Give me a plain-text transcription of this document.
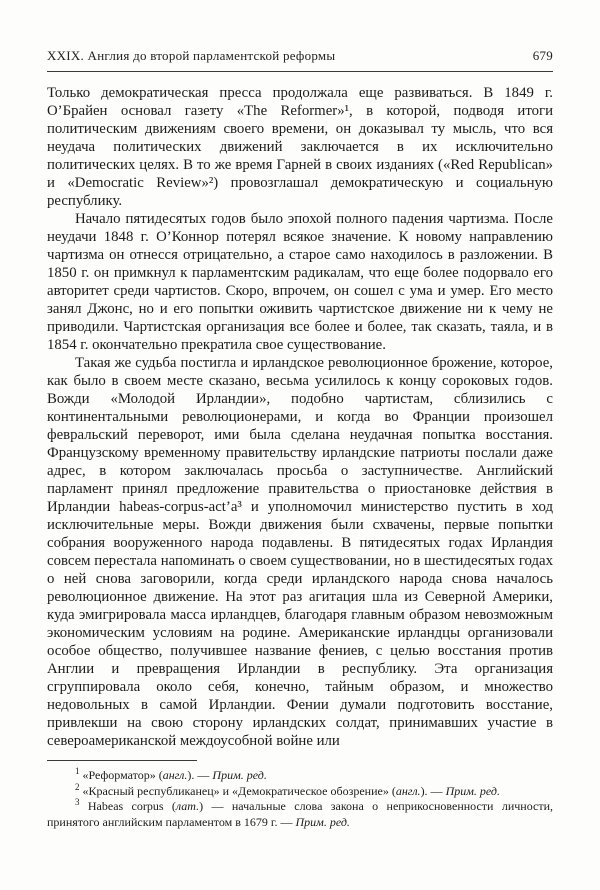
XXIX. Англия до второй парламентской реформы	679

Только демократическая пресса продолжала еще развиваться. В 1849 г. О’Брайен основал газету «The Reformer»¹, в которой, подводя итоги политическим движениям своего времени, он доказывал ту мысль, что вся неудача политических движений заключается в их исключительно политических целях. В то же время Гарней в своих изданиях («Red Republican» и «Democratic Review»²) провозглашал демократическую и социальную республику.

Начало пятидесятых годов было эпохой полного падения чартизма. После неудачи 1848 г. О’Коннор потерял всякое значение. К новому направлению чартизма он отнесся отрицательно, а старое само находилось в разложении. В 1850 г. он примкнул к парламентским радикалам, что еще более подорвало его авторитет среди чартистов. Скоро, впрочем, он сошел с ума и умер. Его место занял Джонс, но и его попытки оживить чартистское движение ни к чему не приводили. Чартистская организация все более и более, так сказать, таяла, и в 1854 г. окончательно прекратила свое существование.

Такая же судьба постигла и ирландское революционное брожение, которое, как было в своем месте сказано, весьма усилилось к концу сороковых годов. Вожди «Молодой Ирландии», подобно чартистам, сблизились с континентальными революционерами, и когда во Франции произошел февральский переворот, ими была сделана неудачная попытка восстания. Французскому временному правительству ирландские патриоты послали даже адрес, в котором заключалась просьба о заступничестве. Английский парламент принял предложение правительства о приостановке действия в Ирландии habeas-corpus-act’а³ и уполномочил министерство пустить в ход исключительные меры. Вожди движения были схвачены, первые попытки собрания вооруженного народа подавлены. В пятидесятых годах Ирландия совсем перестала напоминать о своем существовании, но в шестидесятых годах о ней снова заговорили, когда среди ирландского народа снова началось революционное движение. На этот раз агитация шла из Северной Америки, куда эмигрировала масса ирландцев, благодаря главным образом невозможным экономическим условиям на родине. Американские ирландцы организовали особое общество, получившее название фениев, с целью восстания против Англии и превращения Ирландии в республику. Эта организация сгруппировала около себя, конечно, тайным образом, и множество недовольных в самой Ирландии. Фении думали подготовить восстание, привлекши на свою сторону ирландских солдат, принимавших участие в североамериканской междоусобной войне или

$^1$ «Реформатор» (англ.). — Прим. ред.

$^2$ «Красный республиканец» и «Демократическое обозрение» (англ.). — Прим. ред.

$^3$ Habeas corpus (лат.) — начальные слова закона о неприкосновенности личности, принятого английским парламентом в 1679 г. — Прим. ред.
